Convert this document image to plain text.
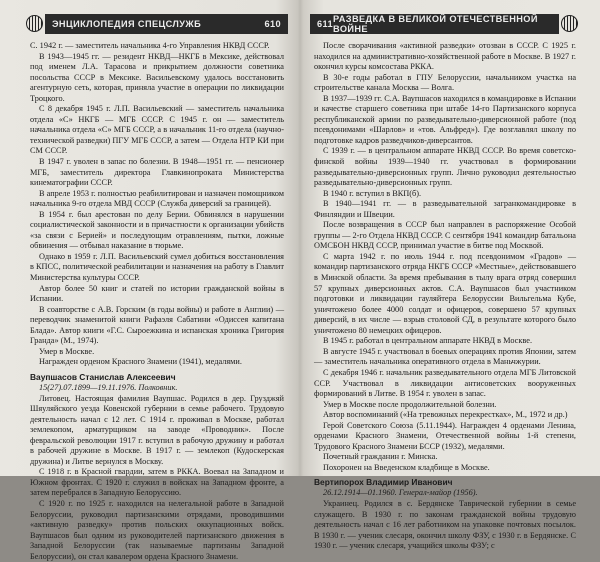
ЭНЦИКЛОПЕДИЯ СПЕЦСЛУЖБ	610

С. 1942 г. — заместитель начальника 4-го Управления НКВД СССР.

В 1943—1945 гг. — резидент НКВД—НКГБ в Мексике, действовал под именем Л.А. Тарасова и прикрытием должности советника посольства СССР в Мексике. Васильевскому удалось восстановить агентурную сеть, которая, приняла участие в операции по ликвидации Троцкого.

С 8 декабря 1945 г. Л.П. Васильевский — заместитель начальника отдела «С» НКГБ — МГБ СССР. С 1945 г. он — заместитель начальника отдела «С» МГБ СССР, а в начальник 11-го отдела (научно-технической разведки) ПГУ МГБ СССР, а затем — Отдела НТР КИ при СМ СССР.

В 1947 г. уволен в запас по болезни. В 1948—1951 гг. — пенсионер МГБ, заместитель директора Главкинопроката Министерства кинематографии СССР.

В апреле 1953 г. полностью реабилитирован и назначен помощником начальника 9-го отдела МВД СССР (Служба диверсий за границей).

В 1954 г. был арестован по делу Берии. Обвинялся в нарушении социалистической законности и в причастности к организации убийств «за связи с Берией» и последующим отравлениям, пытки, ложные обвинения — отбывал наказание в тюрьме.

Однако в 1959 г. Л.П. Васильевский сумел добиться восстановления в КПСС, политической реабилитации и назначения на работу в Главлит Министерства культуры СССР.

Автор более 50 книг и статей по истории гражданской войны в Испании.

В соавторстве с А.В. Горским (в годы войны) и работе в Англии) — переводчик знаменитой книги Рафаэля Сабатини «Одиссея капитана Блада». Автор книги «Г.С. Сыроежкина и испанская хроника Григория Гранда» (М., 1974).

Умер в Москве.

Награжден орденом Красного Знамени (1941), медалями.

Ваупшасов Станислав Алексеевич

15(27).07.1899—19.11.1976. Полковник.

Литовец. Настоящая фамилия Ваупшас. Родился в дер. Грузджяй Шяуляйского уезда Ковенской губернии в семье рабочего. Трудовую деятельность начал с 12 лет. С 1914 г. проживал в Москве, работал землекопом, арматурщиком на заводе «Проводник». После февральской революции 1917 г. вступил в рабочую дружину и работал в рабочей дружине в Москве. В 1917 г. — землекоп (Кудоскерская дружина) и Литве вернулся в Москву.

С 1918 г. в Красной гвардии, затем в РККА. Воевал на Западном и Южном фронтах. С 1920 г. служил в войсках на Западном фронте, а затем перебрался в Западную Белоруссию.

С 1920 г. по 1925 г. находился на нелегальной работе в Западной Белоруссии, руководил партизанскими отрядами, проводившими «активную разведку» против польских оккупационных войск. Ваупшасов был одним из руководителей партизанского движения в Западной Белоруссии (так называемые партизаны Западной Белоруссии), он стал кавалером ордена Красного Знамени.

611 РАЗВЕДКА В ВЕЛИКОЙ ОТЕЧЕСТВЕННОЙ ВОЙНЕ

После сворачивания «активной разведки» отозван в СССР. С 1925 г. находился на административно-хозяйственной работе в Москве. В 1927 г. окончил курсы комсостава РККА.

В 30-е годы работал в ГПУ Белоруссии, начальником участка на строительстве канала Москва — Волга.

В 1937—1939 гг. С.А. Ваупшасов находился в командировке в Испании и качестве старшего советника при штабе 14-го Партизанского корпуса республиканской армии по разведывательно-диверсионной работе (под псевдонимами «Шарлов» и «тов. Альфред»). Где возглавлял школу по подготовке кадров разведчиков-диверсантов.

С 1939 г. — в центральном аппарате НКВД СССР. Во время советско-финской войны 1939—1940 гг. участвовал в формировании разведывательно-диверсионных групп. Лично руководил деятельностью разведывательно-диверсионных групп.

В 1940 г. вступил в ВКП(б).

В 1940—1941 гг. — в разведывательной загранкомандировке в Финляндии и Швеции.

После возвращения в СССР был направлен в распоряжение Особой группы — 2-го Отдела НКВД СССР. С сентября 1941 командир батальона ОМСБОН НКВД СССР, принимал участие в битве под Москвой.

С марта 1942 г. по июль 1944 г. под псевдонимом «Градов» — командир партизанского отряда НКГБ СССР «Местные», действовавшего в Минской области. За время пребывания в тылу врага отряд совершил 57 крупных диверсионных актов. С.А. Ваупшасов был участником подготовки и ликвидации гауляйтера Белоруссии Вильгельма Кубе, уничтожено более 4000 солдат и офицеров, совершено 57 крупных диверсий, в их числе — взрыв столовой СД, в результате которого было уничтожено 80 немецких офицеров.

В 1945 г. работал в центральном аппарате НКВД в Москве.

В августе 1945 г. участвовал в боевых операциях против Японии, затем — заместитель начальника оперативного отдела в Маньчжурии.

С декабря 1946 г. начальник разведывательного отдела МГБ Литовской ССР. Участвовал в ликвидации антисоветских вооруженных формирований в Литве. В 1954 г. уволен в запас.

Умер в Москве после продолжительной болезни.

Автор воспоминаний («На тревожных перекрестках», М., 1972 и др.)

Герой Советского Союза (5.11.1944). Награжден 4 орденами Ленина, орденами Красного Знамени, Отечественной войны 1-й степени, Трудового Красного Знамени БССР (1932), медалями.

Почетный гражданин г. Минска.

Похоронен на Введенском кладбище в Москве.

Вертипорох Владимир Иванович

26.12.1914—01.1960. Генерал-майор (1956).

Украинец. Родился в с. Бердянске Таврической губернии в семье служащего. В 1930 г. по законам гражданской войны трудовую деятельность начал с 16 лет работником на упаковке почтовых посылок. В 1930 г. — ученик слесаря, окончил школу ФЗУ, с 1930 г. в Бердянске. С 1930 г. — ученик слесаря, учащийся школы ФЗУ; с
